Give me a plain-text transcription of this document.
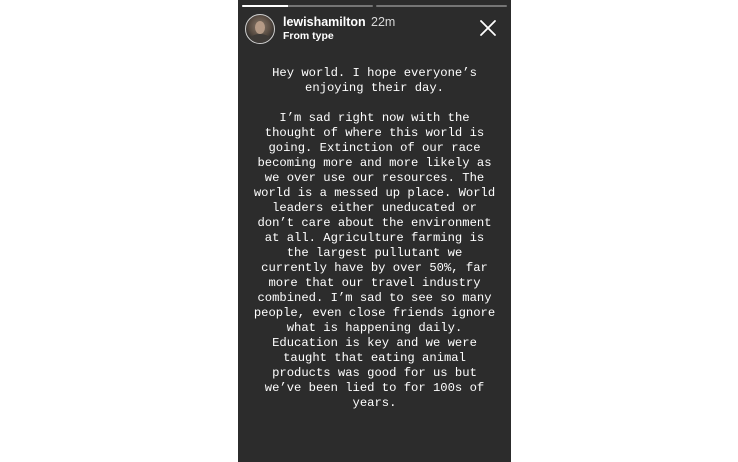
lewishamilton 22m
From type

Hey world. I hope everyone’s enjoying their day.

I’m sad right now with the thought of where this world is going. Extinction of our race becoming more and more likely as we over use our resources. The world is a messed up place. World leaders either uneducated or don’t care about the environment at all. Agriculture farming is the largest pullutant we currently have by over 50%, far more that our travel industry combined. I’m sad to see so many people, even close friends ignore what is happening daily. Education is key and we were taught that eating animal products was good for us but we’ve been lied to for 100s of years.
